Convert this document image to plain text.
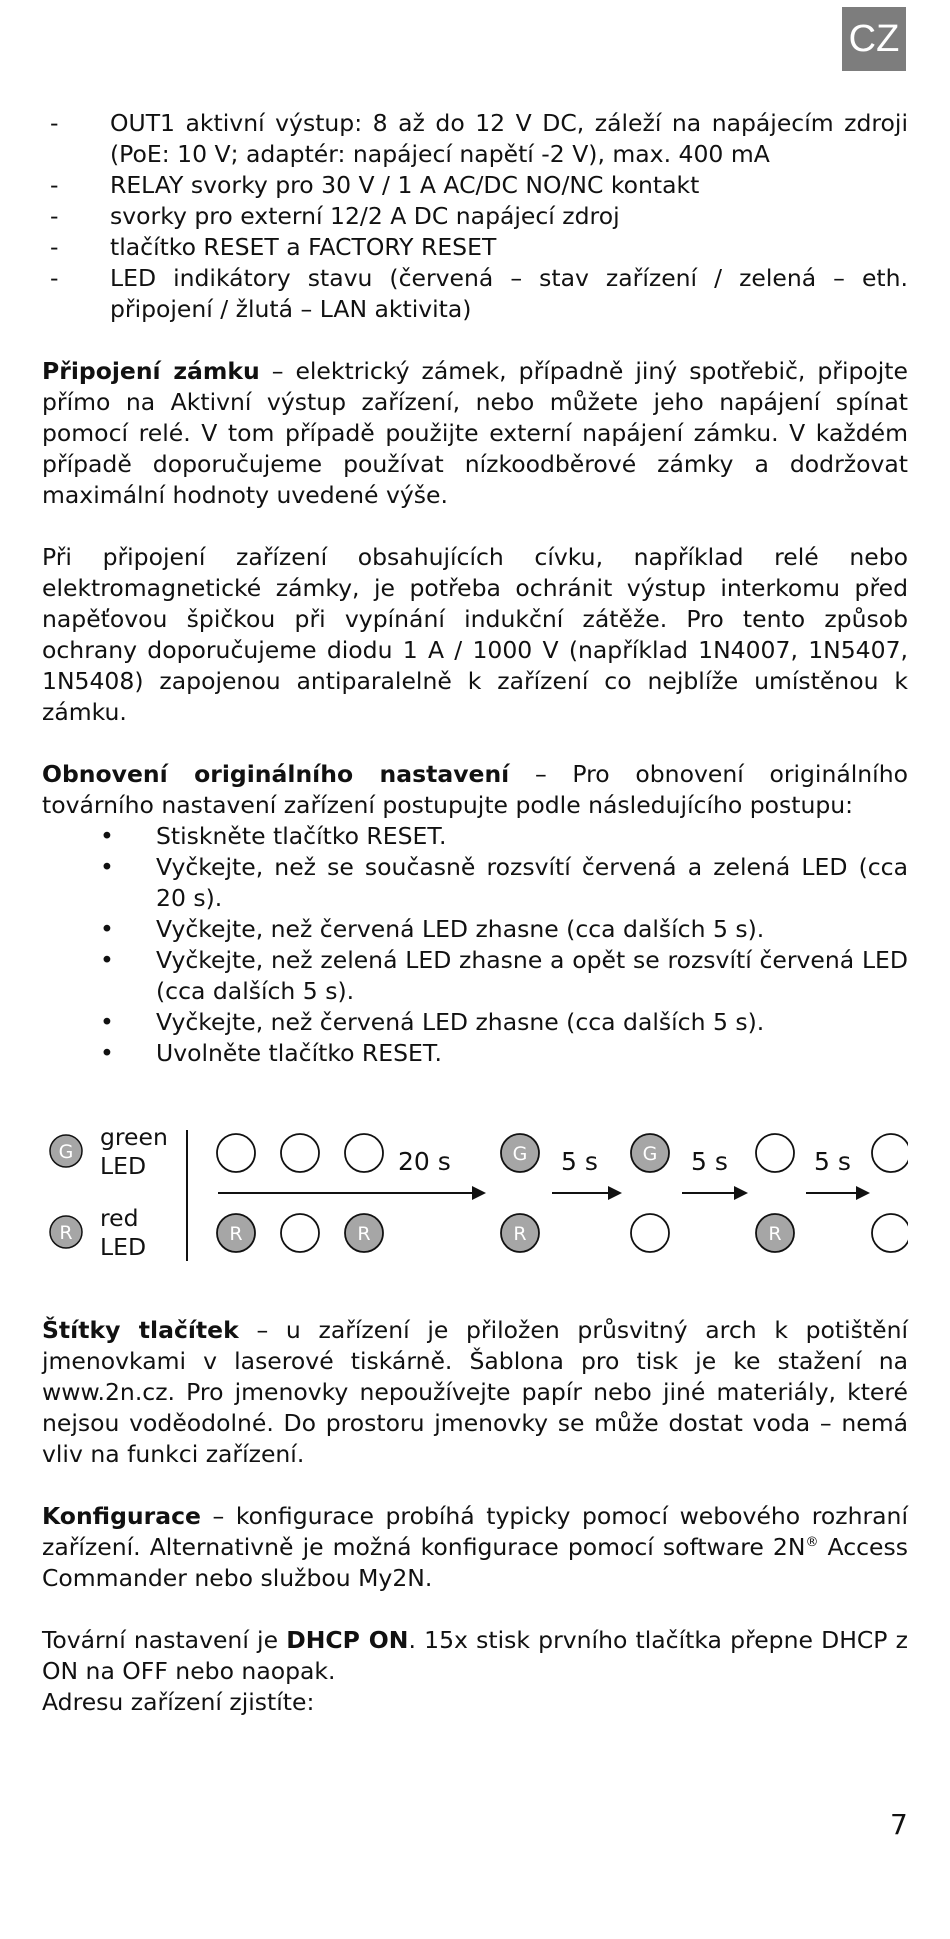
CZ
- OUT1 aktivní výstup: 8 až do 12 V DC, záleží na napájecím zdroji (PoE: 10 V; adaptér: napájecí napětí -2 V), max. 400 mA
- RELAY svorky pro 30 V / 1 A AC/DC NO/NC kontakt
- svorky pro externí 12/2 A DC napájecí zdroj
- tlačítko RESET a FACTORY RESET
- LED indikátory stavu (červená – stav zařízení / zelená – eth. připojení / žlutá – LAN aktivita)

Připojení zámku – elektrický zámek, případně jiný spotřebič, připojte přímo na Aktivní výstup zařízení, nebo můžete jeho napájení spínat pomocí relé. V tom případě použijte externí napájení zámku. V každém případě doporučujeme používat nízkoodběrové zámky a dodržovat maximální hodnoty uvedené výše.

Při připojení zařízení obsahujících cívku, například relé nebo elektromagnetické zámky, je potřeba ochránit výstup interkomu před napěťovou špičkou při vypínání indukční zátěže. Pro tento způsob ochrany doporučujeme diodu 1 A / 1000 V (například 1N4007, 1N5407, 1N5408) zapojenou antiparalelně k zařízení co nejblíže umístěnou k zámku.

Obnovení originálního nastavení – Pro obnovení originálního továrního nastavení zařízení postupujte podle následujícího postupu:

• Stiskněte tlačítko RESET.
• Vyčkejte, než se současně rozsvítí červená a zelená LED (cca 20 s).
• Vyčkejte, než červená LED zhasne (cca dalších 5 s).
• Vyčkejte, než zelená LED zhasne a opět se rozsvítí červená LED (cca dalších 5 s).
• Vyčkejte, než červená LED zhasne (cca dalších 5 s).
• Uvolněte tlačítko RESET.
G
green
LED
R
red
LED	R	R
20 s	G
R
5 s G 5 s
R
5 s

Štítky tlačítek – u zařízení je přiložen průsvitný arch k potištění jmenovkami v laserové tiskárně. Šablona pro tisk je ke stažení na www.2n.cz. Pro jmenovky nepoužívejte papír nebo jiné materiály, které nejsou voděodolné. Do prostoru jmenovky se může dostat voda – nemá vliv na funkci zařízení.

Konfigurace – konfigurace probíhá typicky pomocí webového rozhraní zařízení. Alternativně je možná konfigurace pomocí software 2N® Access Commander nebo službou My2N.

Tovární nastavení je DHCP ON. 15x stisk prvního tlačítka přepne DHCP z ON na OFF nebo naopak.

Adresu zařízení zjistíte:

7
